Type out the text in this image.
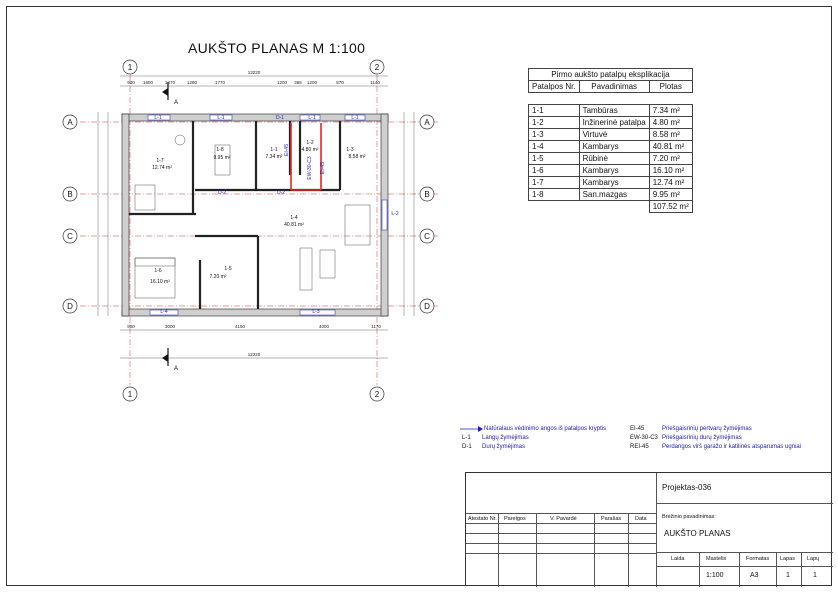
AUKŠTO PLANAS M 1:100
1	2
1	2
A
B
C
D
A
B
C
D
13220
900 1600	1470	1280	1770	1200 365 1200	870	1140
900	3000	4150	4000	1170
12220
A
A
1-1
7.34 m²
1-2
4.80 m²	1-3
8.58 m²
1-4
40.81 m²
1-5
7.20 m²
1-6
16.10 m²
1-7
12.74 m²
1-8
9.95 m²
L-1	L-1	D-1	L-1	L-1
D-2	D-2
L-2
L-3
L-4
EI-45
EW-30-C3 EI-45
Pirmo aukšto patalpų eksplikacija		
Patalpos Nr.	Pavadinimas	Plotas

1-1	Tambūras	7.34 m²
1-2	Inžinerinė patalpa	4.80 m²
1-3	Virtuvė	8.58 m²
1-4	Kambarys	40.81 m²
1-5	Rūbinė	7.20 m²
1-6	Kambarys	16.10 m²
1-7	Kambarys	12.74 m²
1-8	San.mazgas	9.95 m²
		107.52 m²
Natūralaus vėdinimo angos iš patalpos kryptis
L-1 Langų žymėjimas
D-1 Durų žymėjimas
EI-45	Priešgaisrinių pertvarų žymėjimas
EW-30-C3 Priešgaisrinių durų žymėjimas
REI-45 Perdangos virš garažo ir katilinės atsparumas ugniai
Projektas-036
Atestato Nr. Pareigos	V. Pavardė	Parašas	Data	Brėžinio pavadinimas:
AUKŠTO PLANAS
Laida	Mastelis	Formatas Lapas Lapų
1:100	A3	1	1
